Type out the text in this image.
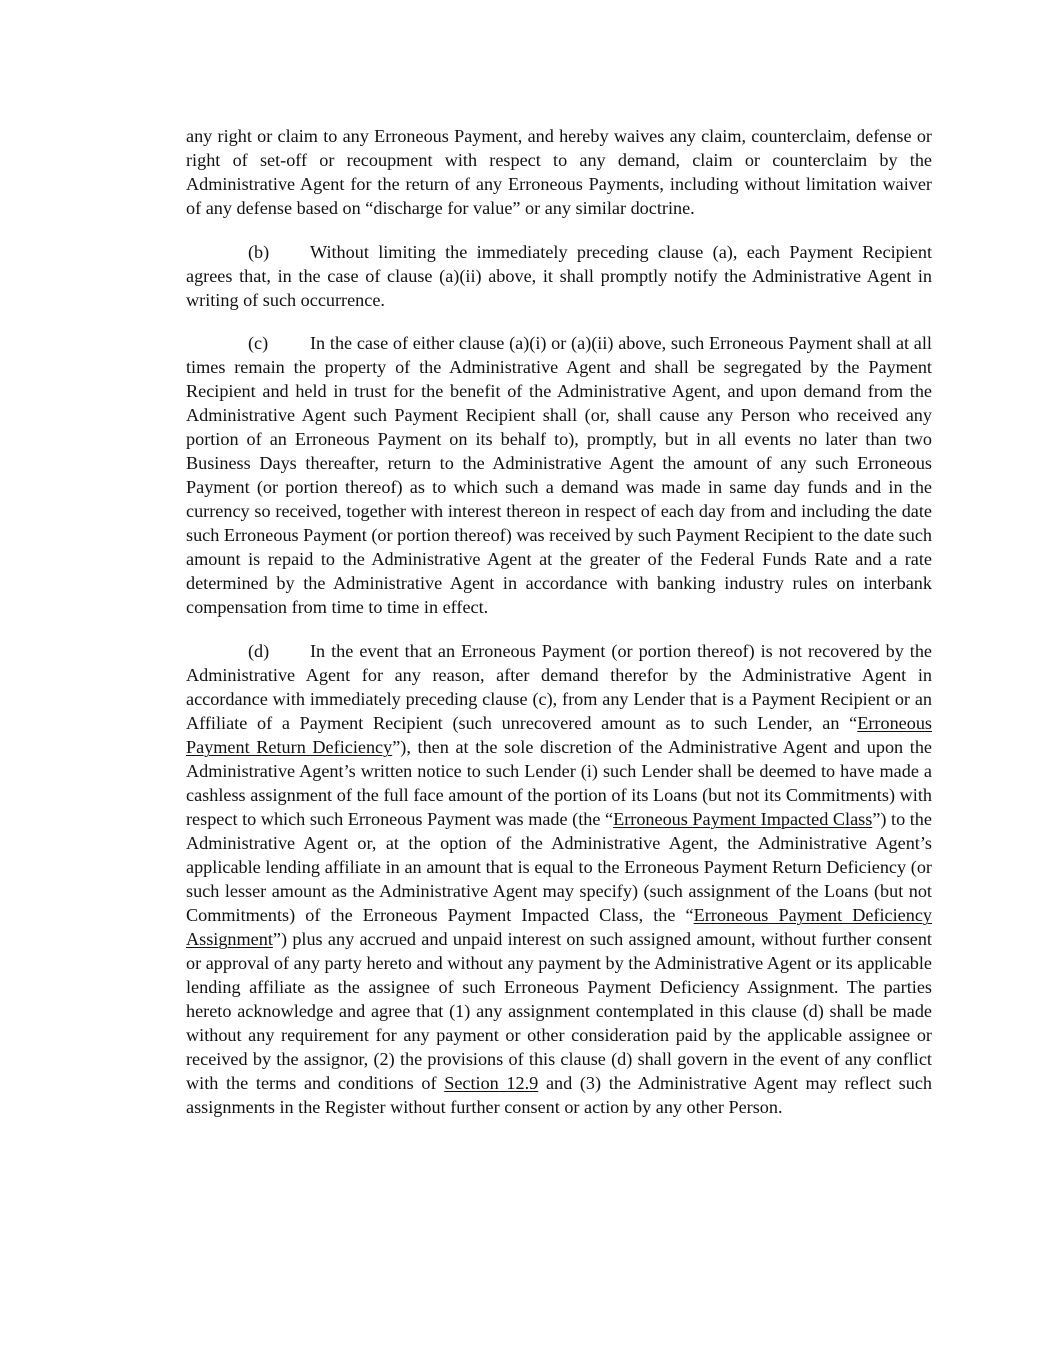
any right or claim to any Erroneous Payment, and hereby waives any claim, counterclaim, defense or right of set-off or recoupment with respect to any demand, claim or counterclaim by the Administrative Agent for the return of any Erroneous Payments, including without limitation waiver of any defense based on “discharge for value” or any similar doctrine.

(b) Without limiting the immediately preceding clause (a), each Payment Recipient agrees that, in the case of clause (a)(ii) above, it shall promptly notify the Administrative Agent in writing of such occurrence.

(c) In the case of either clause (a)(i) or (a)(ii) above, such Erroneous Payment shall at all times remain the property of the Administrative Agent and shall be segregated by the Payment Recipient and held in trust for the benefit of the Administrative Agent, and upon demand from the Administrative Agent such Payment Recipient shall (or, shall cause any Person who received any portion of an Erroneous Payment on its behalf to), promptly, but in all events no later than two Business Days thereafter, return to the Administrative Agent the amount of any such Erroneous Payment (or portion thereof) as to which such a demand was made in same day funds and in the currency so received, together with interest thereon in respect of each day from and including the date such Erroneous Payment (or portion thereof) was received by such Payment Recipient to the date such amount is repaid to the Administrative Agent at the greater of the Federal Funds Rate and a rate determined by the Administrative Agent in accordance with banking industry rules on interbank compensation from time to time in effect.

(d) In the event that an Erroneous Payment (or portion thereof) is not recovered by the Administrative Agent for any reason, after demand therefor by the Administrative Agent in accordance with immediately preceding clause (c), from any Lender that is a Payment Recipient or an Affiliate of a Payment Recipient (such unrecovered amount as to such Lender, an “Erroneous Payment Return Deficiency”), then at the sole discretion of the Administrative Agent and upon the Administrative Agent’s written notice to such Lender (i) such Lender shall be deemed to have made a cashless assignment of the full face amount of the portion of its Loans (but not its Commitments) with respect to which such Erroneous Payment was made (the “Erroneous Payment Impacted Class”) to the Administrative Agent or, at the option of the Administrative Agent, the Administrative Agent’s applicable lending affiliate in an amount that is equal to the Erroneous Payment Return Deficiency (or such lesser amount as the Administrative Agent may specify) (such assignment of the Loans (but not Commitments) of the Erroneous Payment Impacted Class, the “Erroneous Payment Deficiency Assignment”) plus any accrued and unpaid interest on such assigned amount, without further consent or approval of any party hereto and without any payment by the Administrative Agent or its applicable lending affiliate as the assignee of such Erroneous Payment Deficiency Assignment. The parties hereto acknowledge and agree that (1) any assignment contemplated in this clause (d) shall be made without any requirement for any payment or other consideration paid by the applicable assignee or received by the assignor, (2) the provisions of this clause (d) shall govern in the event of any conflict with the terms and conditions of Section 12.9 and (3) the Administrative Agent may reflect such assignments in the Register without further consent or action by any other Person.
